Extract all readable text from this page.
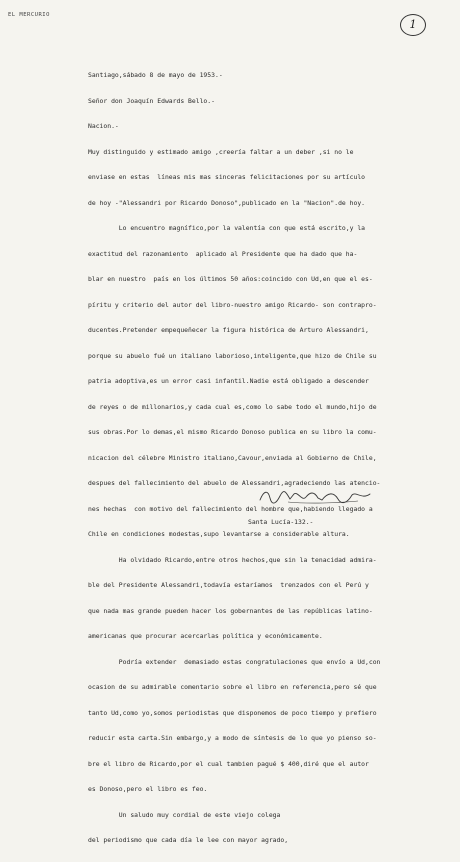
EL MERCURIO
1

Santiago,sábado 8 de mayo de 1953.-

Señor don Joaquín Edwards Bello.-

Nacion.-

Muy distinguido y estimado amigo ,creería faltar a un deber ,si no le

enviase en estas  líneas mis mas sinceras felicitaciones por su artículo

de hoy -"Alessandri por Ricardo Donoso",publicado en la "Nacion".de hoy.

Lo encuentro magnífico,por la valentía con que está escrito,y la

exactitud del razonamiento  aplicado al Presidente que ha dado que ha-

blar en nuestro  país en los últimos 50 años:coincido con Ud,en que el es-

píritu y criterio del autor del libro-nuestro amigo Ricardo- son contrapro-

ducentes.Pretender empequeñecer la figura histórica de Arturo Alessandri,

porque su abuelo fué un italiano laborioso,inteligente,que hizo de Chile su

patria adoptiva,es un error casi infantil.Nadie está obligado a descender

de reyes o de millonarios,y cada cual es,como lo sabe todo el mundo,hijo de

sus obras.Por lo demas,el mismo Ricardo Donoso publica en su libro la comu-

nicacion del célebre Ministro italiano,Cavour,enviada al Gobierno de Chile,

despues del fallecimiento del abuelo de Alessandri,agradeciendo las atencio-

nes hechas  con motivo del fallecimiento del hombre que,habiendo llegado a

Chile en condiciones modestas,supo levantarse a considerable altura.

Ha olvidado Ricardo,entre otros hechos,que sin la tenacidad admira-

ble del Presidente Alessandri,todavía estaríamos  trenzados con el Perú y

que nada mas grande pueden hacer los gobernantes de las repúblicas latino-

americanas que procurar acercarlas política y económicamente.

Podría extender  demasiado estas congratulaciones que envío a Ud,con

ocasion de su admirable comentario sobre el libro en referencia,pero sé que

tanto Ud,como yo,somos periodistas que disponemos de poco tiempo y prefiero

reducir esta carta.Sin embargo,y a modo de síntesis de lo que yo pienso so-

bre el libro de Ricardo,por el cual tambien pagué $ 400,diré que el autor

es Donoso,pero el libro es feo.

Un saludo muy cordial de este viejo colega

del periodismo que cada día le lee con mayor agrado,

Santa Lucía-132.-
